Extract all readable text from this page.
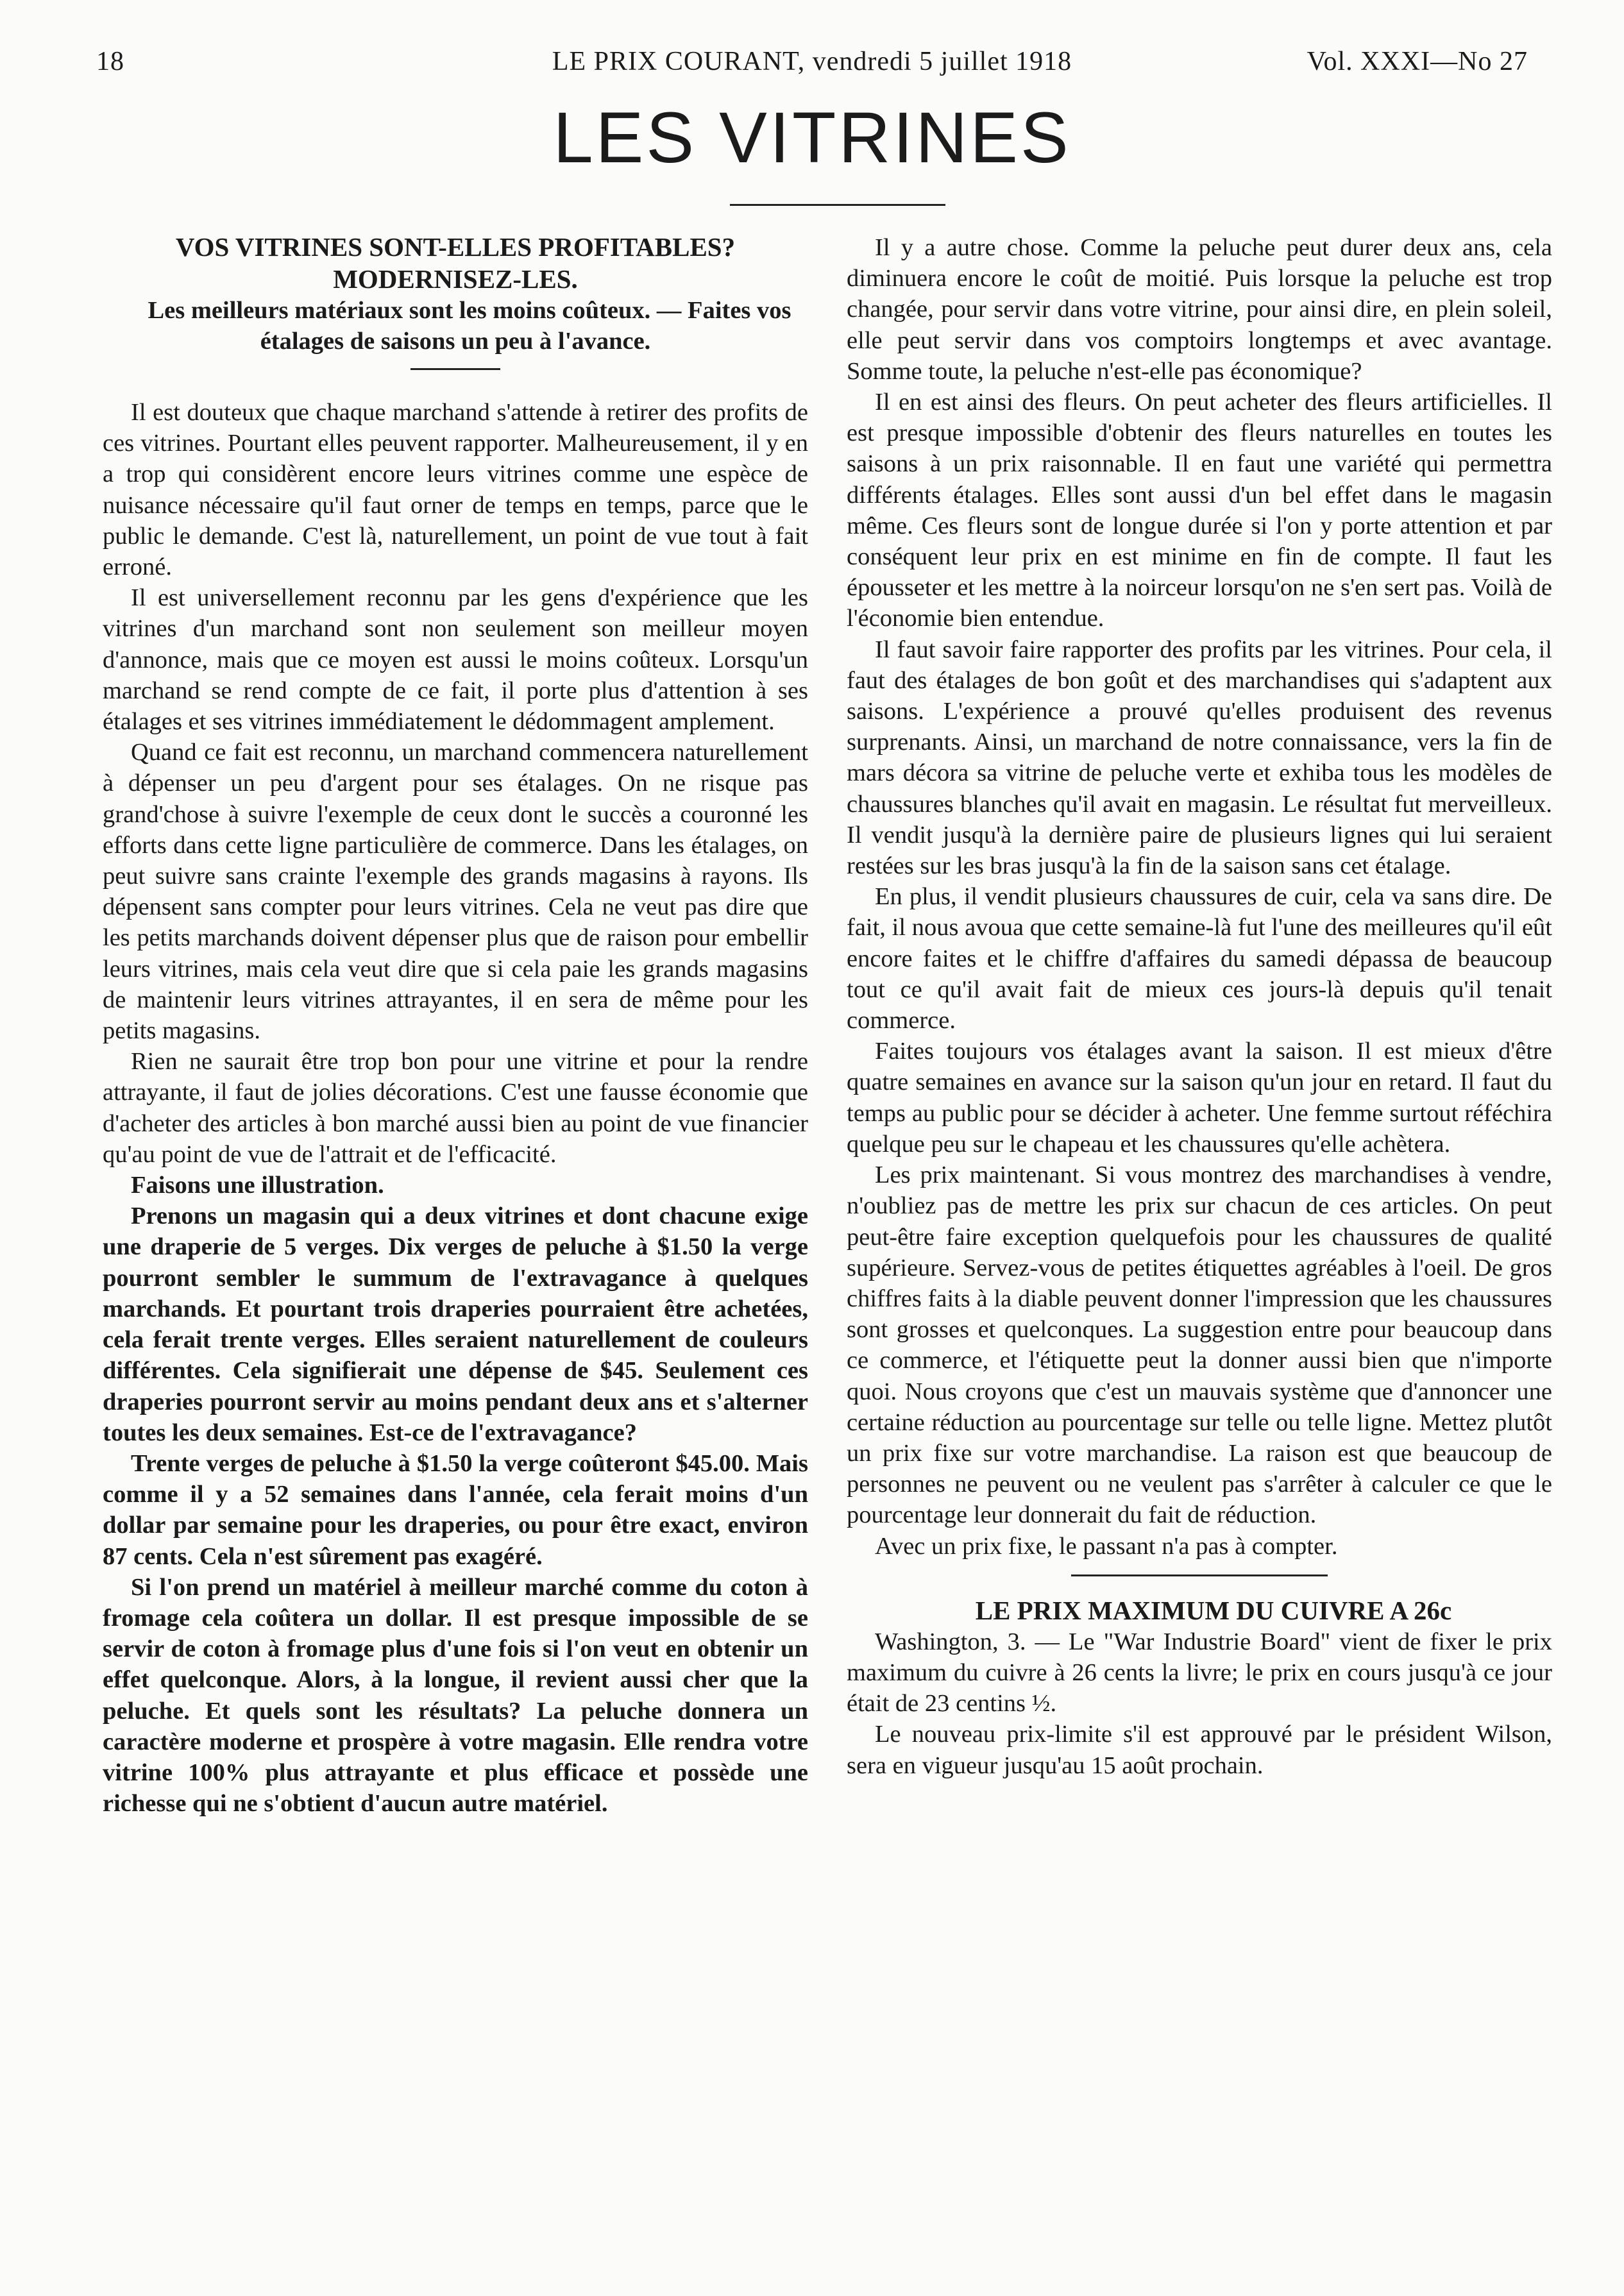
18	LE PRIX COURANT, vendredi 5 juillet 1918	Vol. XXXI—No 27
LES VITRINES

VOS VITRINES SONT-ELLES PROFITABLES?

MODERNISEZ-LES.

Les meilleurs matériaux sont les moins coûteux. — Faites vos étalages de saisons un peu à l'avance.

Il est douteux que chaque marchand s'attende à retirer des profits de ces vitrines. Pourtant elles peuvent rapporter. Malheureusement, il y en a trop qui considèrent encore leurs vitrines comme une espèce de nuisance nécessaire qu'il faut orner de temps en temps, parce que le public le demande. C'est là, naturellement, un point de vue tout à fait erroné.

Il est universellement reconnu par les gens d'expérience que les vitrines d'un marchand sont non seulement son meilleur moyen d'annonce, mais que ce moyen est aussi le moins coûteux. Lorsqu'un marchand se rend compte de ce fait, il porte plus d'attention à ses étalages et ses vitrines immédiatement le dédommagent amplement.

Quand ce fait est reconnu, un marchand commencera naturellement à dépenser un peu d'argent pour ses étalages. On ne risque pas grand'chose à suivre l'exemple de ceux dont le succès a couronné les efforts dans cette ligne particulière de commerce. Dans les étalages, on peut suivre sans crainte l'exemple des grands magasins à rayons. Ils dépensent sans compter pour leurs vitrines. Cela ne veut pas dire que les petits marchands doivent dépenser plus que de raison pour embellir leurs vitrines, mais cela veut dire que si cela paie les grands magasins de maintenir leurs vitrines attrayantes, il en sera de même pour les petits magasins.

Rien ne saurait être trop bon pour une vitrine et pour la rendre attrayante, il faut de jolies décorations. C'est une fausse économie que d'acheter des articles à bon marché aussi bien au point de vue financier qu'au point de vue de l'attrait et de l'efficacité.

Faisons une illustration.

Prenons un magasin qui a deux vitrines et dont chacune exige une draperie de 5 verges. Dix verges de peluche à $1.50 la verge pourront sembler le summum de l'extravagance à quelques marchands. Et pourtant trois draperies pourraient être achetées, cela ferait trente verges. Elles seraient naturellement de couleurs différentes. Cela signifierait une dépense de $45. Seulement ces draperies pourront servir au moins pendant deux ans et s'alterner toutes les deux semaines. Est-ce de l'extravagance?

Trente verges de peluche à $1.50 la verge coûteront $45.00. Mais comme il y a 52 semaines dans l'année, cela ferait moins d'un dollar par semaine pour les draperies, ou pour être exact, environ 87 cents. Cela n'est sûrement pas exagéré.

Si l'on prend un matériel à meilleur marché comme du coton à fromage cela coûtera un dollar. Il est presque impossible de se servir de coton à fromage plus d'une fois si l'on veut en obtenir un effet quelconque. Alors, à la longue, il revient aussi cher que la peluche. Et quels sont les résultats? La peluche donnera un caractère moderne et prospère à votre magasin. Elle rendra votre vitrine 100% plus attrayante et plus efficace et possède une richesse qui ne s'obtient d'aucun autre matériel.

Il y a autre chose. Comme la peluche peut durer deux ans, cela diminuera encore le coût de moitié. Puis lorsque la peluche est trop changée, pour servir dans votre vitrine, pour ainsi dire, en plein soleil, elle peut servir dans vos comptoirs longtemps et avec avantage. Somme toute, la peluche n'est-elle pas économique?

Il en est ainsi des fleurs. On peut acheter des fleurs artificielles. Il est presque impossible d'obtenir des fleurs naturelles en toutes les saisons à un prix raisonnable. Il en faut une variété qui permettra différents étalages. Elles sont aussi d'un bel effet dans le magasin même. Ces fleurs sont de longue durée si l'on y porte attention et par conséquent leur prix en est minime en fin de compte. Il faut les épousseter et les mettre à la noirceur lorsqu'on ne s'en sert pas. Voilà de l'économie bien entendue.

Il faut savoir faire rapporter des profits par les vitrines. Pour cela, il faut des étalages de bon goût et des marchandises qui s'adaptent aux saisons. L'expérience a prouvé qu'elles produisent des revenus surprenants. Ainsi, un marchand de notre connaissance, vers la fin de mars décora sa vitrine de peluche verte et exhiba tous les modèles de chaussures blanches qu'il avait en magasin. Le résultat fut merveilleux. Il vendit jusqu'à la dernière paire de plusieurs lignes qui lui seraient restées sur les bras jusqu'à la fin de la saison sans cet étalage.

En plus, il vendit plusieurs chaussures de cuir, cela va sans dire. De fait, il nous avoua que cette semaine-là fut l'une des meilleures qu'il eût encore faites et le chiffre d'affaires du samedi dépassa de beaucoup tout ce qu'il avait fait de mieux ces jours-là depuis qu'il tenait commerce.

Faites toujours vos étalages avant la saison. Il est mieux d'être quatre semaines en avance sur la saison qu'un jour en retard. Il faut du temps au public pour se décider à acheter. Une femme surtout réféchira quelque peu sur le chapeau et les chaussures qu'elle achètera.

Les prix maintenant. Si vous montrez des marchandises à vendre, n'oubliez pas de mettre les prix sur chacun de ces articles. On peut peut-être faire exception quelquefois pour les chaussures de qualité supérieure. Servez-vous de petites étiquettes agréables à l'oeil. De gros chiffres faits à la diable peuvent donner l'impression que les chaussures sont grosses et quelconques. La suggestion entre pour beaucoup dans ce commerce, et l'étiquette peut la donner aussi bien que n'importe quoi. Nous croyons que c'est un mauvais système que d'annoncer une certaine réduction au pourcentage sur telle ou telle ligne. Mettez plutôt un prix fixe sur votre marchandise. La raison est que beaucoup de personnes ne peuvent ou ne veulent pas s'arrêter à calculer ce que le pourcentage leur donnerait du fait de réduction.

Avec un prix fixe, le passant n'a pas à compter.

LE PRIX MAXIMUM DU CUIVRE A 26c

Washington, 3. — Le "War Industrie Board" vient de fixer le prix maximum du cuivre à 26 cents la livre; le prix en cours jusqu'à ce jour était de 23 centins ½.

Le nouveau prix-limite s'il est approuvé par le président Wilson, sera en vigueur jusqu'au 15 août prochain.
